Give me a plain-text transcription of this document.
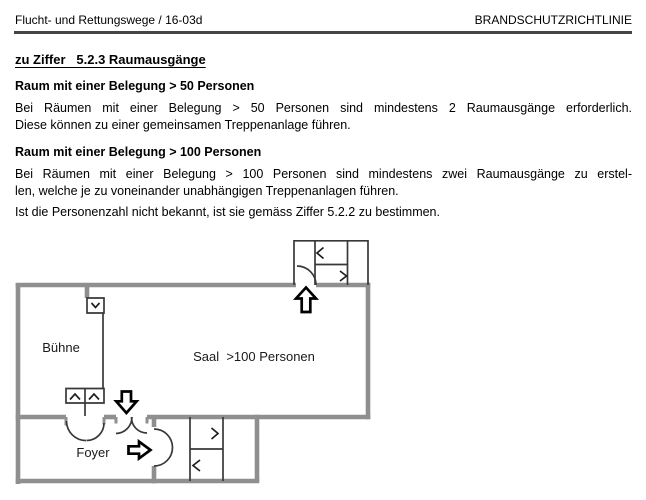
Flucht- und Rettungswege / 16-03d	BRANDSCHUTZRICHTLINIE
zu Ziffer   5.2.3 Raumausgänge
Raum mit einer Belegung > 50 Personen
Bei Räumen mit einer Belegung > 50 Personen sind mindestens 2 Raumausgänge erforderlich.
Diese können zu einer gemeinsamen Treppenanlage führen.
Raum mit einer Belegung > 100 Personen
Bei Räumen mit einer Belegung > 100 Personen sind mindestens zwei Raumausgänge zu erstel-
len, welche je zu voneinander unabhängigen Treppenanlagen führen.
Ist die Personenzahl nicht bekannt, ist sie gemäss Ziffer 5.2.2 zu bestimmen.
Bühne
Saal  >100 Personen
Foyer
